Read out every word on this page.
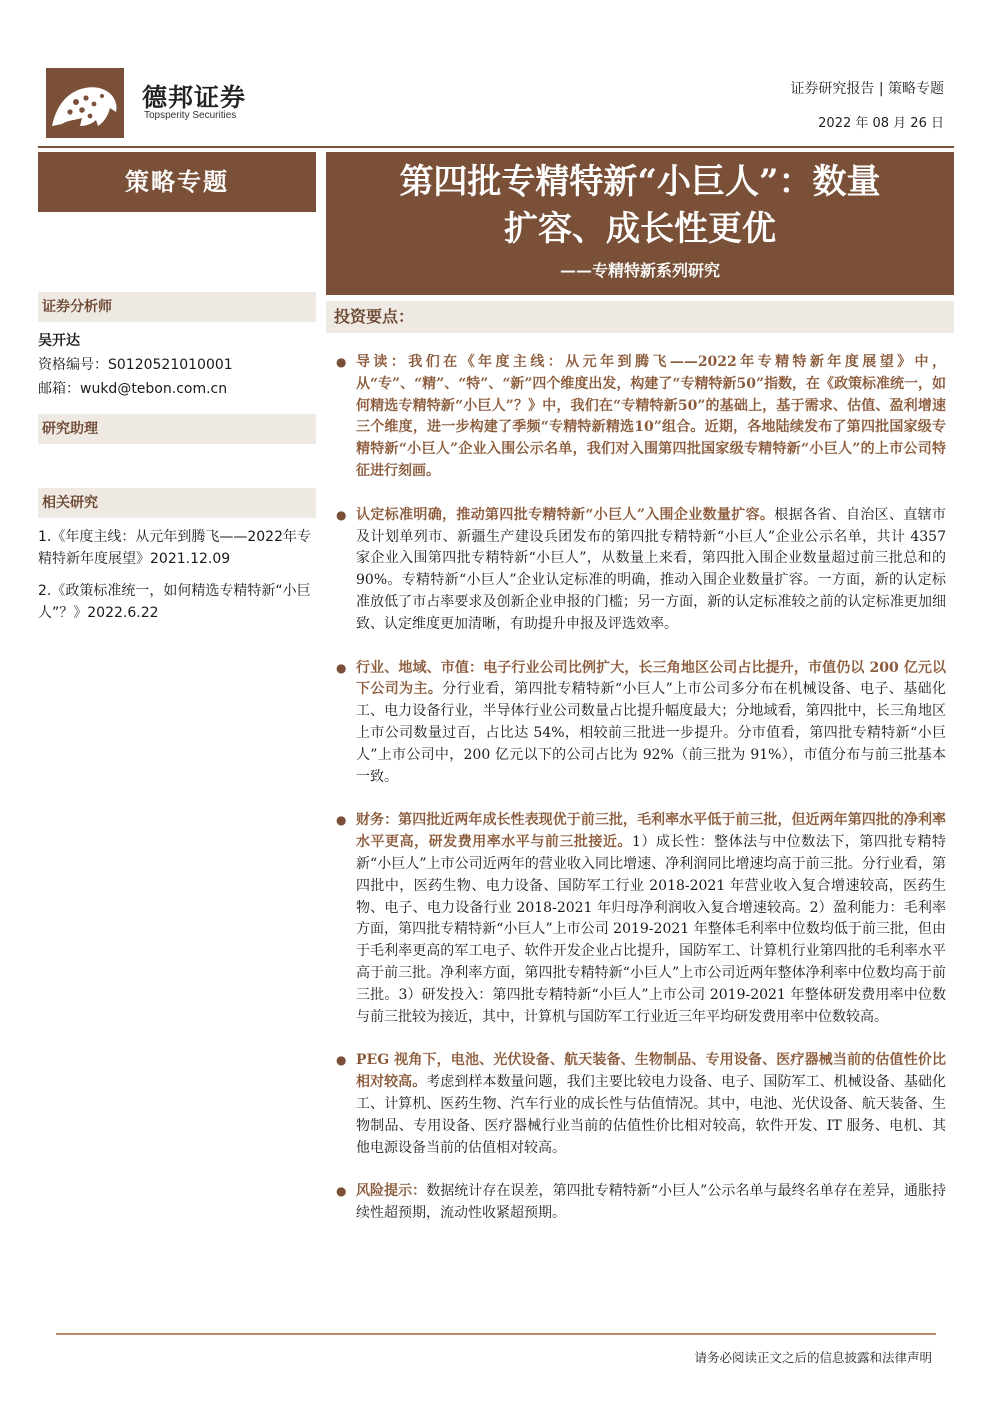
德邦证券
Topsperity Securities
证券研究报告 | 策略专题
2022 年 08 月 26 日
策略专题
证券分析师
吴开达
资格编号：S0120521010001
邮箱：wukd@tebon.com.cn
研究助理
相关研究
1.《年度主线：从元年到腾飞——2022年专精特新年度展望》2021.12.09
2.《政策标准统一，如何精选专精特新“小巨人”？》2022.6.22
第四批专精特新“小巨人”：数量
扩容、成长性更优
——专精特新系列研究
投资要点：
● 导读：我们在《年度主线：从元年到腾飞——2022年专精特新年度展望》中，从“专”、“精”、“特”、“新”四个维度出发，构建了“专精特新50”指数，在《政策标准统一，如何精选专精特新“小巨人”？》中，我们在“专精特新50”的基础上，基于需求、估值、盈利增速三个维度，进一步构建了季频“专精特新精选10”组合。近期，各地陆续发布了第四批国家级专精特新“小巨人”企业入围公示名单，我们对入围第四批国家级专精特新“小巨人”的上市公司特征进行刻画。
● 认定标准明确，推动第四批专精特新“小巨人”入围企业数量扩容。根据各省、自治区、直辖市及计划单列市、新疆生产建设兵团发布的第四批专精特新“小巨人”企业公示名单，共计 4357 家企业入围第四批专精特新“小巨人”，从数量上来看，第四批入围企业数量超过前三批总和的 90%。专精特新“小巨人”企业认定标准的明确，推动入围企业数量扩容。一方面，新的认定标准放低了市占率要求及创新企业申报的门槛；另一方面，新的认定标准较之前的认定标准更加细致、认定维度更加清晰，有助提升申报及评选效率。
● 行业、地域、市值：电子行业公司比例扩大，长三角地区公司占比提升，市值仍以 200 亿元以下公司为主。分行业看，第四批专精特新“小巨人”上市公司多分布在机械设备、电子、基础化工、电力设备行业，半导体行业公司数量占比提升幅度最大；分地域看，第四批中，长三角地区上市公司数量过百，占比达 54%，相较前三批进一步提升。分市值看，第四批专精特新“小巨人”上市公司中，200 亿元以下的公司占比为 92%（前三批为 91%），市值分布与前三批基本一致。
● 财务：第四批近两年成长性表现优于前三批，毛利率水平低于前三批，但近两年第四批的净利率水平更高，研发费用率水平与前三批接近。1）成长性：整体法与中位数法下，第四批专精特新“小巨人”上市公司近两年的营业收入同比增速、净利润同比增速均高于前三批。分行业看，第四批中，医药生物、电力设备、国防军工行业 2018-2021 年营业收入复合增速较高，医药生物、电子、电力设备行业 2018-2021 年归母净利润收入复合增速较高。2）盈利能力：毛利率方面，第四批专精特新“小巨人”上市公司 2019-2021 年整体毛利率中位数均低于前三批，但由于毛利率更高的军工电子、软件开发企业占比提升，国防军工、计算机行业第四批的毛利率水平高于前三批。净利率方面，第四批专精特新“小巨人”上市公司近两年整体净利率中位数均高于前三批。3）研发投入：第四批专精特新“小巨人”上市公司 2019-2021 年整体研发费用率中位数与前三批较为接近，其中，计算机与国防军工行业近三年平均研发费用率中位数较高。
● PEG 视角下，电池、光伏设备、航天装备、生物制品、专用设备、医疗器械当前的估值性价比相对较高。考虑到样本数量问题，我们主要比较电力设备、电子、国防军工、机械设备、基础化工、计算机、医药生物、汽车行业的成长性与估值情况。其中，电池、光伏设备、航天装备、生物制品、专用设备、医疗器械行业当前的估值性价比相对较高，软件开发、IT 服务、电机、其他电源设备当前的估值相对较高。
● 风险提示：数据统计存在误差，第四批专精特新“小巨人”公示名单与最终名单存在差异，通胀持续性超预期，流动性收紧超预期。
请务必阅读正文之后的信息披露和法律声明
